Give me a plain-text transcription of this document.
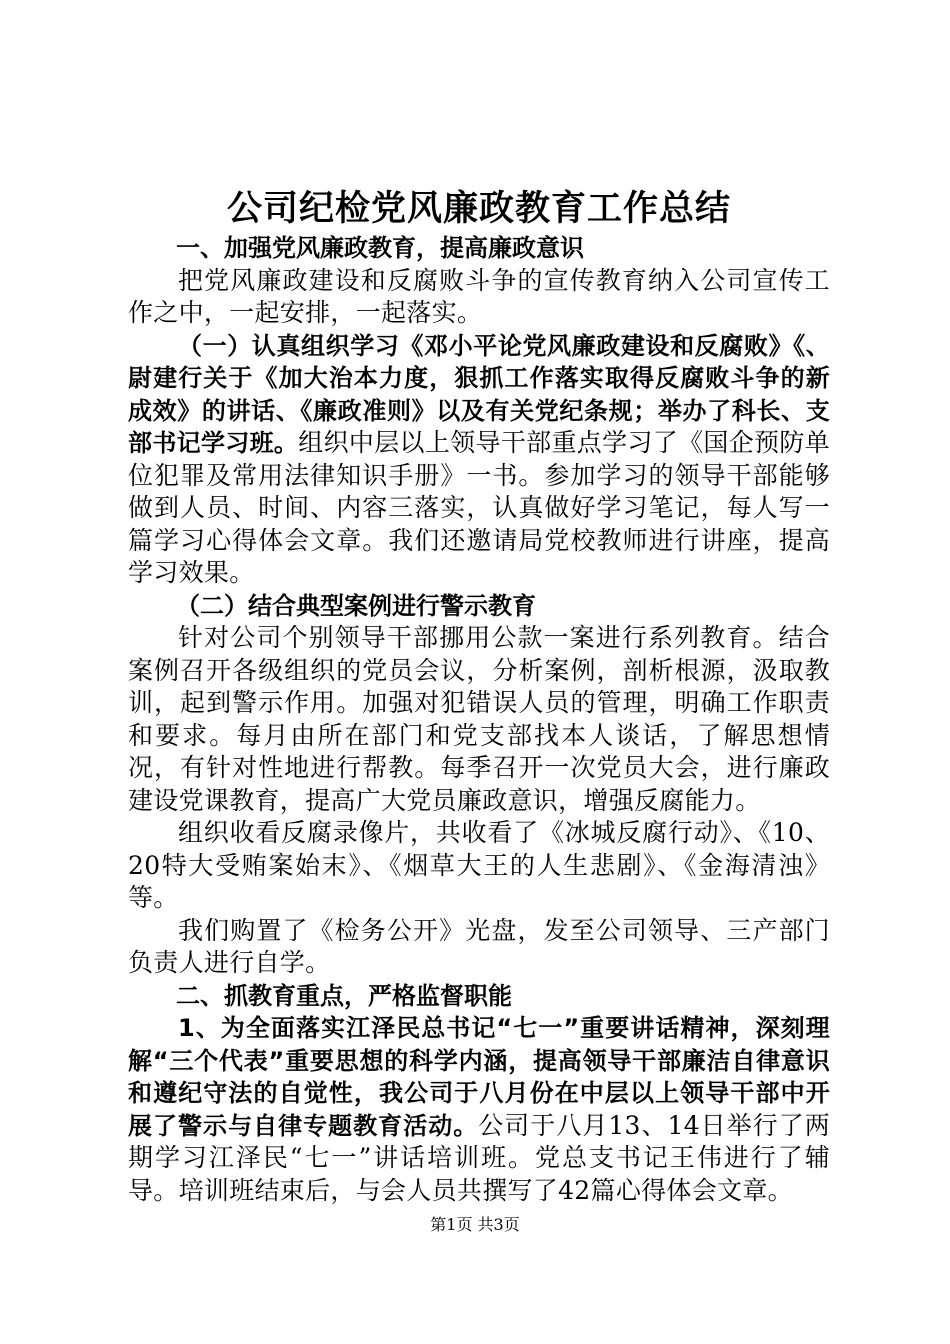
公司纪检党风廉政教育工作总结

一、加强党风廉政教育，提高廉政意识

把党风廉政建设和反腐败斗争的宣传教育纳入公司宣传工作之中，一起安排，一起落实。

（一）认真组织学习《邓小平论党风廉政建设和反腐败》《、尉建行关于《加大治本力度，狠抓工作落实取得反腐败斗争的新成效》的讲话、《廉政准则》以及有关党纪条规；举办了科长、支部书记学习班。组织中层以上领导干部重点学习了《国企预防单位犯罪及常用法律知识手册》一书。参加学习的领导干部能够做到人员、时间、内容三落实，认真做好学习笔记，每人写一篇学习心得体会文章。我们还邀请局党校教师进行讲座，提高学习效果。

（二）结合典型案例进行警示教育

针对公司个别领导干部挪用公款一案进行系列教育。结合案例召开各级组织的党员会议，分析案例，剖析根源，汲取教训，起到警示作用。加强对犯错误人员的管理，明确工作职责和要求。每月由所在部门和党支部找本人谈话，了解思想情况，有针对性地进行帮教。每季召开一次党员大会，进行廉政建设党课教育，提高广大党员廉政意识，增强反腐能力。

组织收看反腐录像片，共收看了《冰城反腐行动》、《10、20特大受贿案始末》、《烟草大王的人生悲剧》、《金海清浊》等。

我们购置了《检务公开》光盘，发至公司领导、三产部门负责人进行自学。

二、抓教育重点，严格监督职能

1、为全面落实江泽民总书记“七一”重要讲话精神，深刻理解“三个代表”重要思想的科学内涵，提高领导干部廉洁自律意识和遵纪守法的自觉性，我公司于八月份在中层以上领导干部中开展了警示与自律专题教育活动。公司于八月13、14日举行了两期学习江泽民“七一”讲话培训班。党总支书记王伟进行了辅导。培训班结束后，与会人员共撰写了42篇心得体会文章。

第1页 共3页
